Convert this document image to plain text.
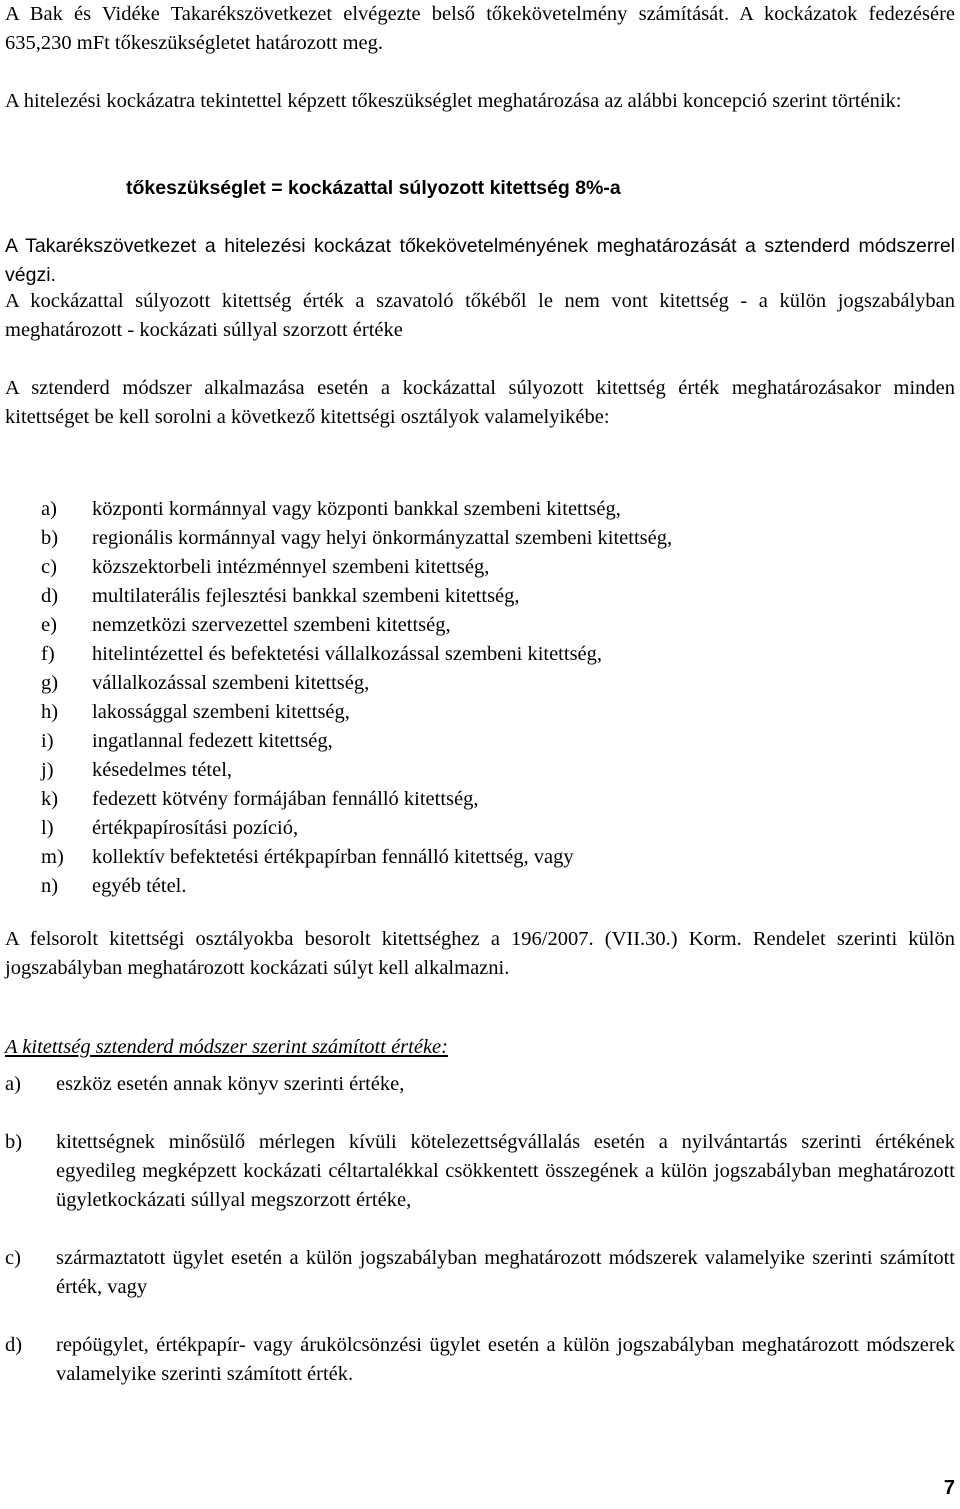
A Bak és Vidéke Takarékszövetkezet elvégezte belső tőkekövetelmény számítását. A kockázatok fedezésére 635,230 mFt tőkeszükségletet határozott meg.

A hitelezési kockázatra tekintettel képzett tőkeszükséglet meghatározása az alábbi koncepció szerint történik:

tőkeszükséglet = kockázattal súlyozott kitettség 8%-a

A Takarékszövetkezet a hitelezési kockázat tőkekövetelményének meghatározását a sztenderd módszerrel végzi.

A kockázattal súlyozott kitettség érték a szavatoló tőkéből le nem vont kitettség - a külön jogszabályban meghatározott - kockázati súllyal szorzott értéke

A sztenderd módszer alkalmazása esetén a kockázattal súlyozott kitettség érték meghatározásakor minden kitettséget be kell sorolni a következő kitettségi osztályok valamelyikébe:

a) központi kormánnyal vagy központi bankkal szembeni kitettség,
b) regionális kormánnyal vagy helyi önkormányzattal szembeni kitettség,
c) közszektorbeli intézménnyel szembeni kitettség,
d) multilaterális fejlesztési bankkal szembeni kitettség,
e) nemzetközi szervezettel szembeni kitettség,
f) hitelintézettel és befektetési vállalkozással szembeni kitettség,
g) vállalkozással szembeni kitettség,
h) lakossággal szembeni kitettség,
i) ingatlannal fedezett kitettség,
j) késedelmes tétel,
k) fedezett kötvény formájában fennálló kitettség,
l) értékpapírosítási pozíció,
m) kollektív befektetési értékpapírban fennálló kitettség, vagy
n) egyéb tétel.

A felsorolt kitettségi osztályokba besorolt kitettséghez a 196/2007. (VII.30.) Korm. Rendelet szerinti külön jogszabályban meghatározott kockázati súlyt kell alkalmazni.

A kitettség sztenderd módszer szerint számított értéke:

a) eszköz esetén annak könyv szerinti értéke,
b) kitettségnek minősülő mérlegen kívüli kötelezettségvállalás esetén a nyilvántartás szerinti értékének egyedileg megképzett kockázati céltartalékkal csökkentett összegének a külön jogszabályban meghatározott ügyletkockázati súllyal megszorzott értéke,
c) származtatott ügylet esetén a külön jogszabályban meghatározott módszerek valamelyike szerinti számított érték, vagy
d) repóügylet, értékpapír- vagy árukölcsönzési ügylet esetén a külön jogszabályban meghatározott módszerek valamelyike szerinti számított érték.
7
